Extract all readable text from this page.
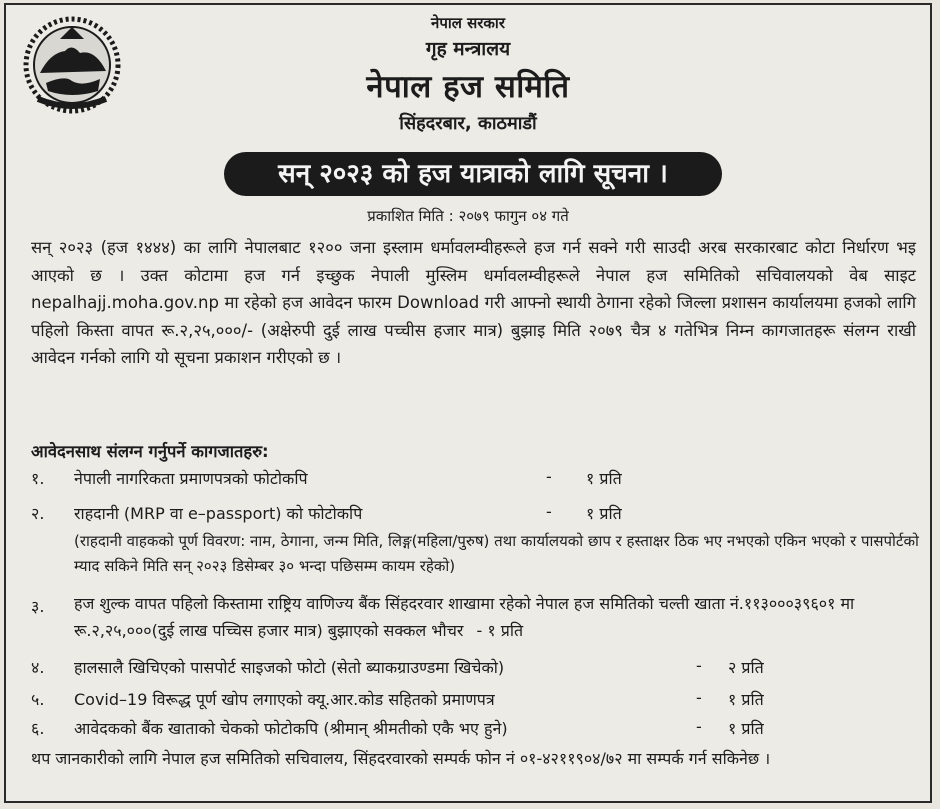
नेपाल सरकार
गृह मन्त्रालय
नेपाल हज समिति
सिंहदरबार, काठमाडौं
सन् २०२३ को हज यात्राको लागि सूचना ।
प्रकाशित मिति : २०७९ फागुन ०४ गते
सन् २०२३ (हज १४४४) का लागि नेपालबाट १२०० जना इस्लाम धर्मावलम्वीहरूले हज गर्न सक्ने गरी साउदी अरब सरकारबाट कोटा निर्धारण भइ आएको छ । उक्त कोटामा हज गर्न इच्छुक नेपाली मुस्लिम धर्मावलम्वीहरूले नेपाल हज समितिको सचिवालयको वेब साइट nepalhajj.moha.gov.np मा रहेको हज आवेदन फारम Download गरी आफ्नो स्थायी ठेगाना रहेको जिल्ला प्रशासन कार्यालयमा हजको लागि पहिलो किस्ता वापत रू.२,२५,०००/- (अक्षेरुपी दुई लाख पच्चीस हजार मात्र) बुझाइ मिति २०७९ चैत्र ४ गतेभित्र निम्न कागजातहरू संलग्न राखी आवेदन गर्नको लागि यो सूचना प्रकाशन गरीएको छ ।
आवेदनसाथ संलग्न गर्नुपर्ने कागजातहरु:
१. नेपाली नागरिकता प्रमाणपत्रको फोटोकपि	- १ प्रति
२. राहदानी (MRP वा e–passport) को फोटोकपि	- १ प्रति
(राहदानी वाहकको पूर्ण विवरण: नाम, ठेगाना, जन्म मिति, लिङ्ग(महिला/पुरुष) तथा कार्यालयको छाप र हस्ताक्षर ठिक भए नभएको एकिन भएको र पासपोर्टको म्याद सकिने मिति सन् २०२३ डिसेम्बर ३० भन्दा पछिसम्म कायम रहेको)
३. हज शुल्क वापत पहिलो किस्तामा राष्ट्रिय वाणिज्य बैंक सिंहदरवार शाखामा रहेको नेपाल हज समितिको चल्ती खाता नं.११३०००३९६०१ मा रू.२,२५,०००(दुई लाख पच्चिस हजार मात्र) बुझाएको सक्कल भौचर - १ प्रति
४. हालसालै खिचिएको पासपोर्ट साइजको फोटो (सेतो ब्याकग्राउण्डमा खिचेको)	- २ प्रति
५. Covid–19 विरूद्ध पूर्ण खोप लगाएको क्यू.आर.कोड सहितको प्रमाणपत्र	- १ प्रति
६. आवेदकको बैंक खाताको चेकको फोटोकपि (श्रीमान् श्रीमतीको एकै भए हुने)	- १ प्रति
थप जानकारीको लागि नेपाल हज समितिको सचिवालय, सिंहदरवारको सम्पर्क फोन नं ०१-४२११९०४/७२ मा सम्पर्क गर्न सकिनेछ ।
